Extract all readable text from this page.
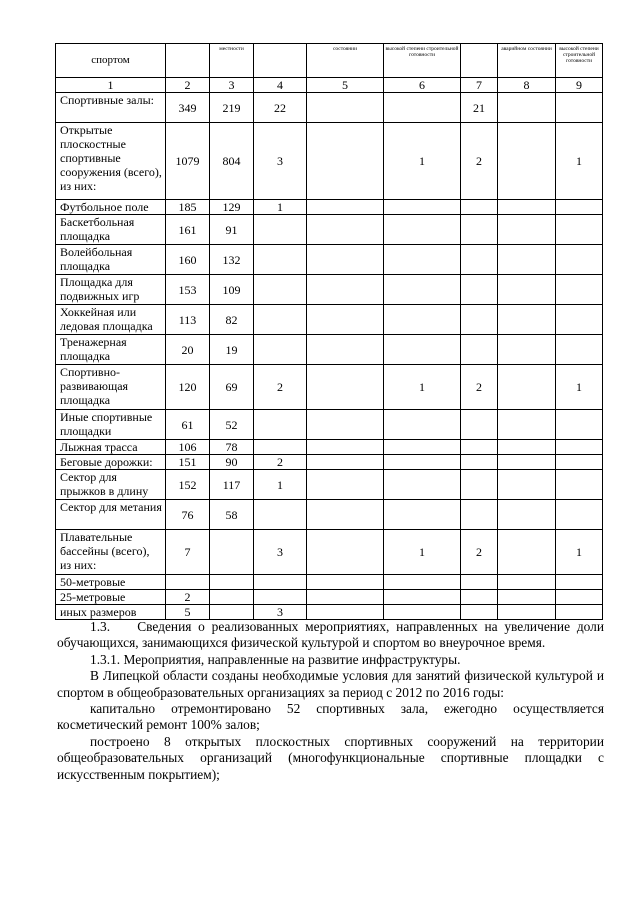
спортом		местности		состоянии	высокой степени строительной готовности		аварийном состоянии	высокой степени строительной готовности
1	2	3	4	5	6	7	8	9
Спортивные залы:	349	219	22			21		
Открытые плоскостные спортивные сооружения (всего), из них:	1079	804	3		1	2		1
Футбольное поле	185	129	1					
Баскетбольная площадка	161	91						
Волейбольная площадка	160	132						
Площадка для подвижных игр	153	109						
Хоккейная или ледовая площадка	113	82						
Тренажерная площадка	20	19						
Спортивно-развивающая площадка	120	69	2		1	2		1
Иные спортивные площадки	61	52						
Лыжная трасса	106	78						
Беговые дорожки:	151	90	2					
Сектор для прыжков в длину	152	117	1					
Сектор для метания	76	58						
Плавательные бассейны (всего), из них:	7		3		1	2		1
50-метровые								
25-метровые	2							
иных размеров	5		3					

1.3.    Сведения о реализованных мероприятиях, направленных на увеличение доли обучающихся, занимающихся физической культурой и спортом во внеурочное время.

1.3.1. Мероприятия, направленные на развитие инфраструктуры.

В Липецкой области созданы необходимые условия для занятий физической культурой и спортом в общеобразовательных организациях за период с 2012 по 2016 годы:

капитально отремонтировано 52 спортивных зала, ежегодно осуществляется косметический ремонт 100% залов;

построено 8 открытых плоскостных спортивных сооружений на территории общеобразовательных организаций (многофункциональные спортивные площадки с искусственным покрытием);
